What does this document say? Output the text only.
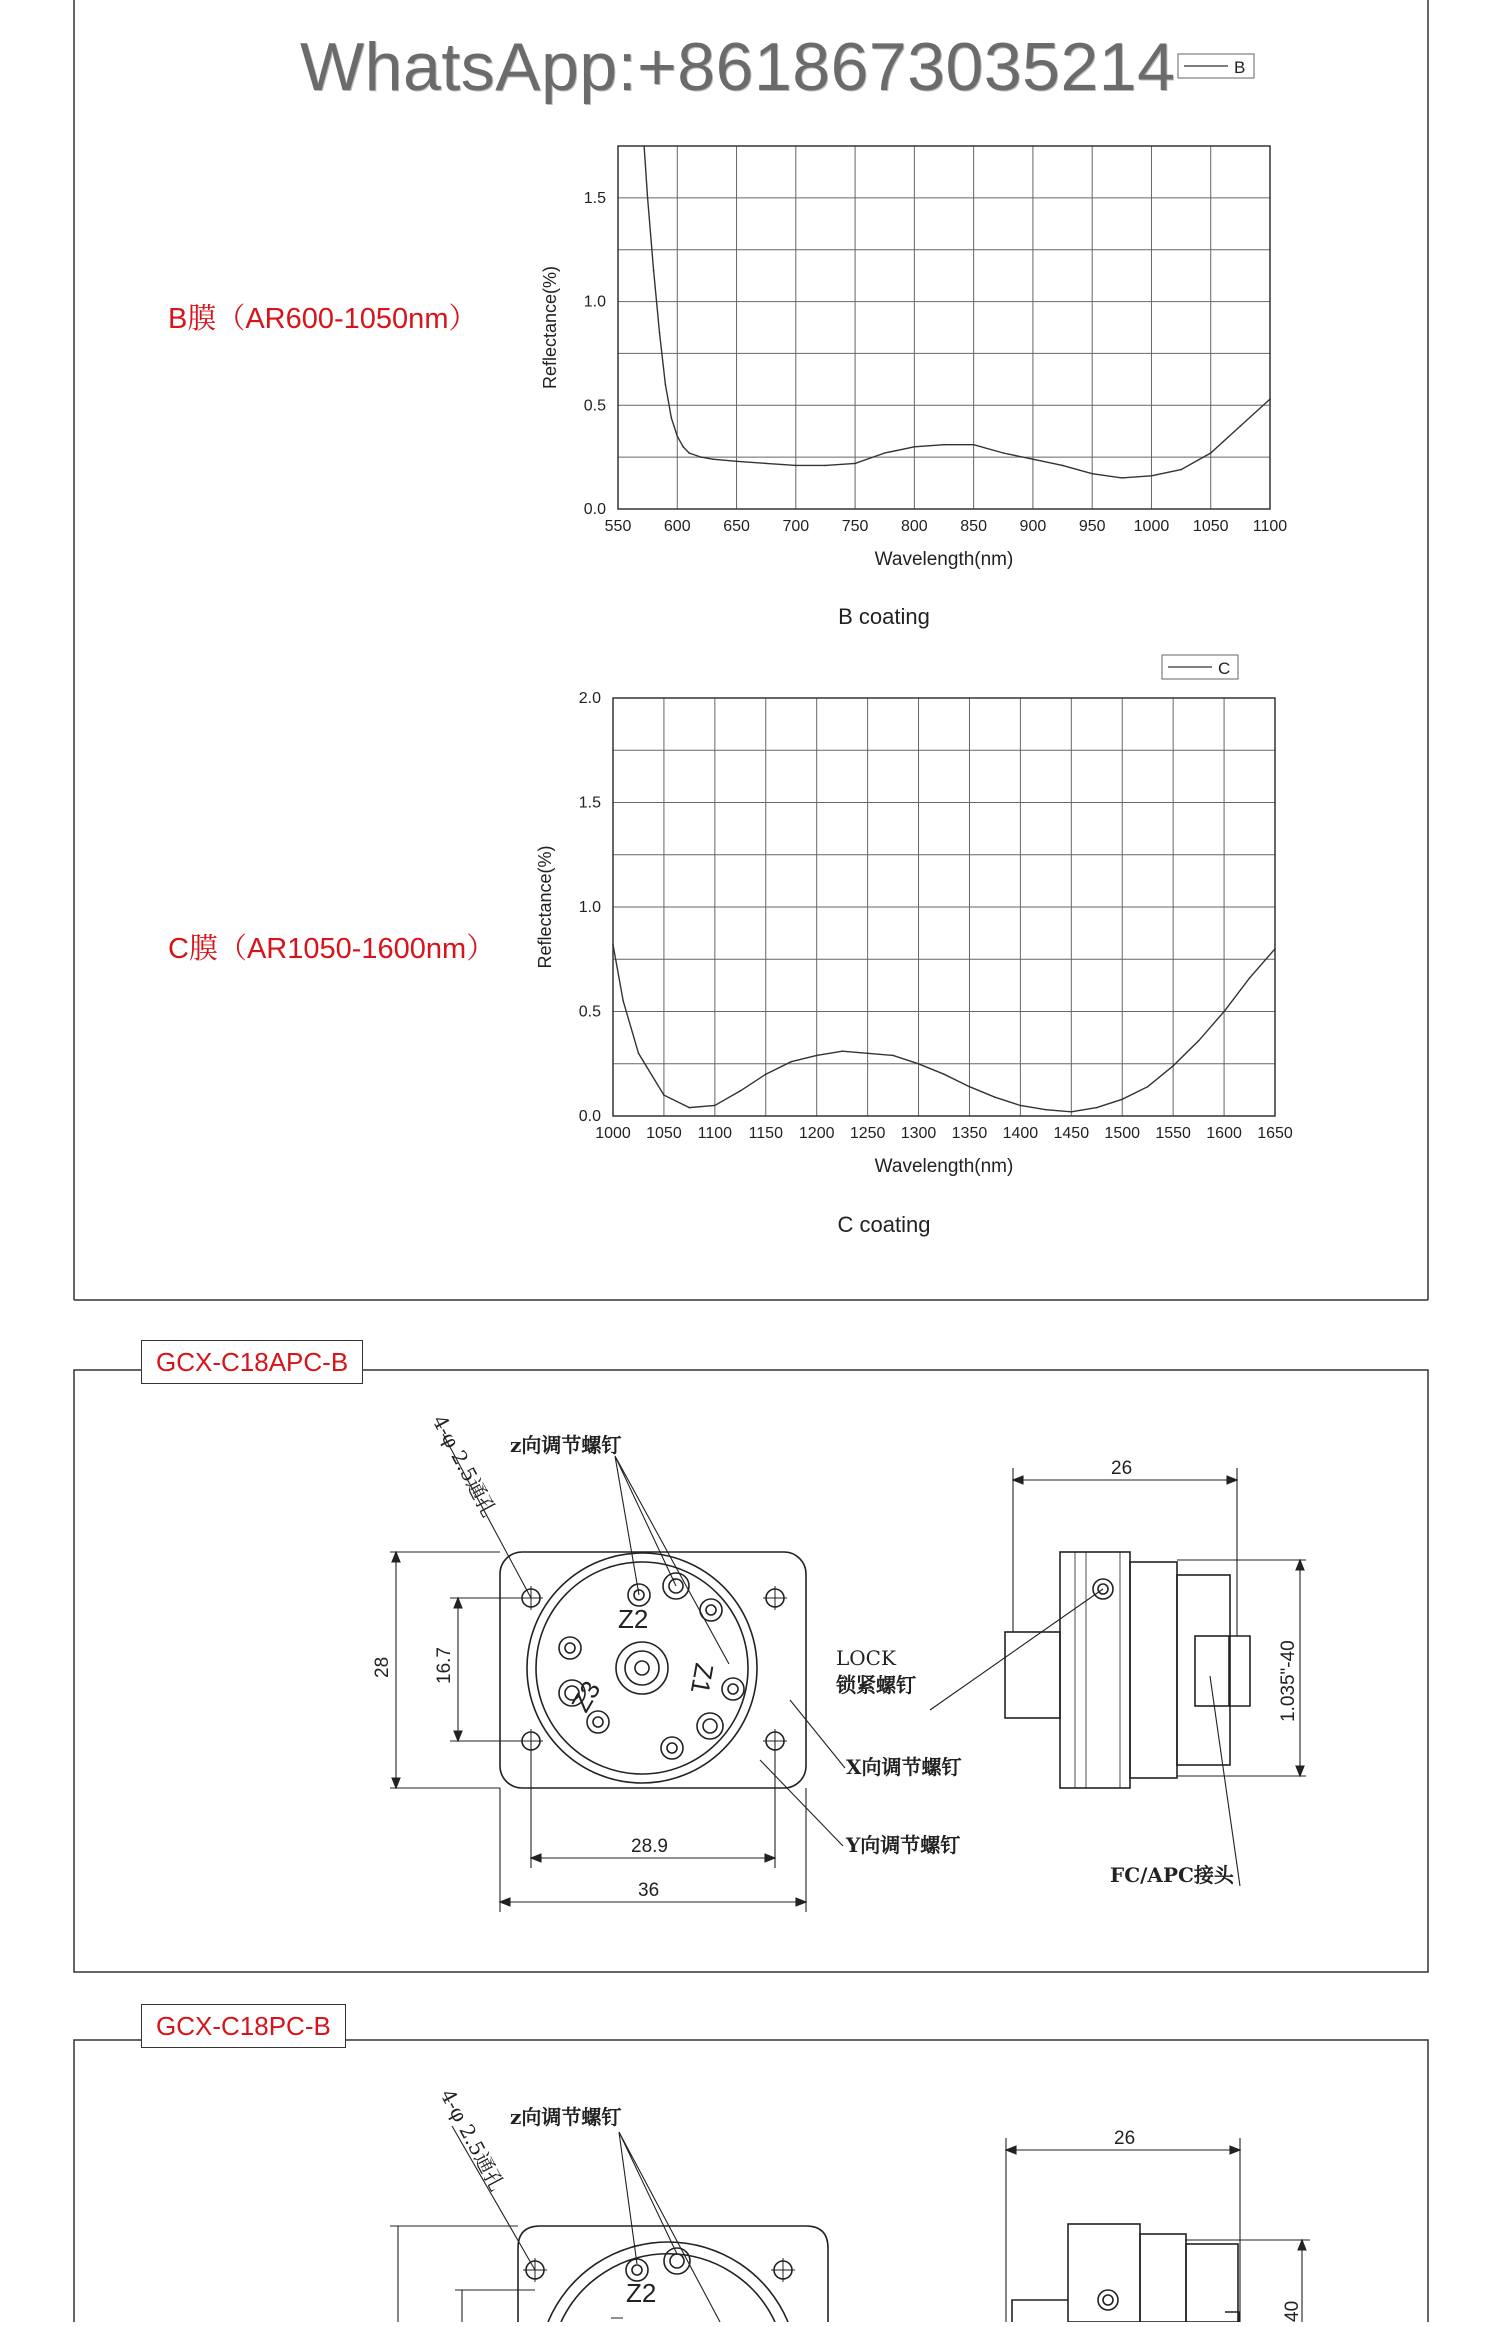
550 600 650 700 750 800 850 900 950 1000 1050 1100
0.0
0.5
1.0
1.5
Wavelength(nm)
Reflectance(%)
B coating
B
1000 1050 1100 1150 1200 1250 1300 1350 1400 1450 1500 1550 1600 1650
0.0
0.5
1.0
1.5
2.0
Wavelength(nm)
Reflectance(%)
C coating
C
4-φ 2.5通孔 z向调节螺钉
LOCK
锁紧螺钉
X向调节螺钉
Y向调节螺钉
FC/APC接头
28 16.7
28.9
36
26
1.035"-40
Z2
Z1
Z3
4-φ 2.5通孔 z向调节螺钉
26
40
Z2
WhatsApp:+8618673035214
B膜（AR600-1050nm）
C膜（AR1050-1600nm）
GCX-C18APC-B
GCX-C18PC-B
